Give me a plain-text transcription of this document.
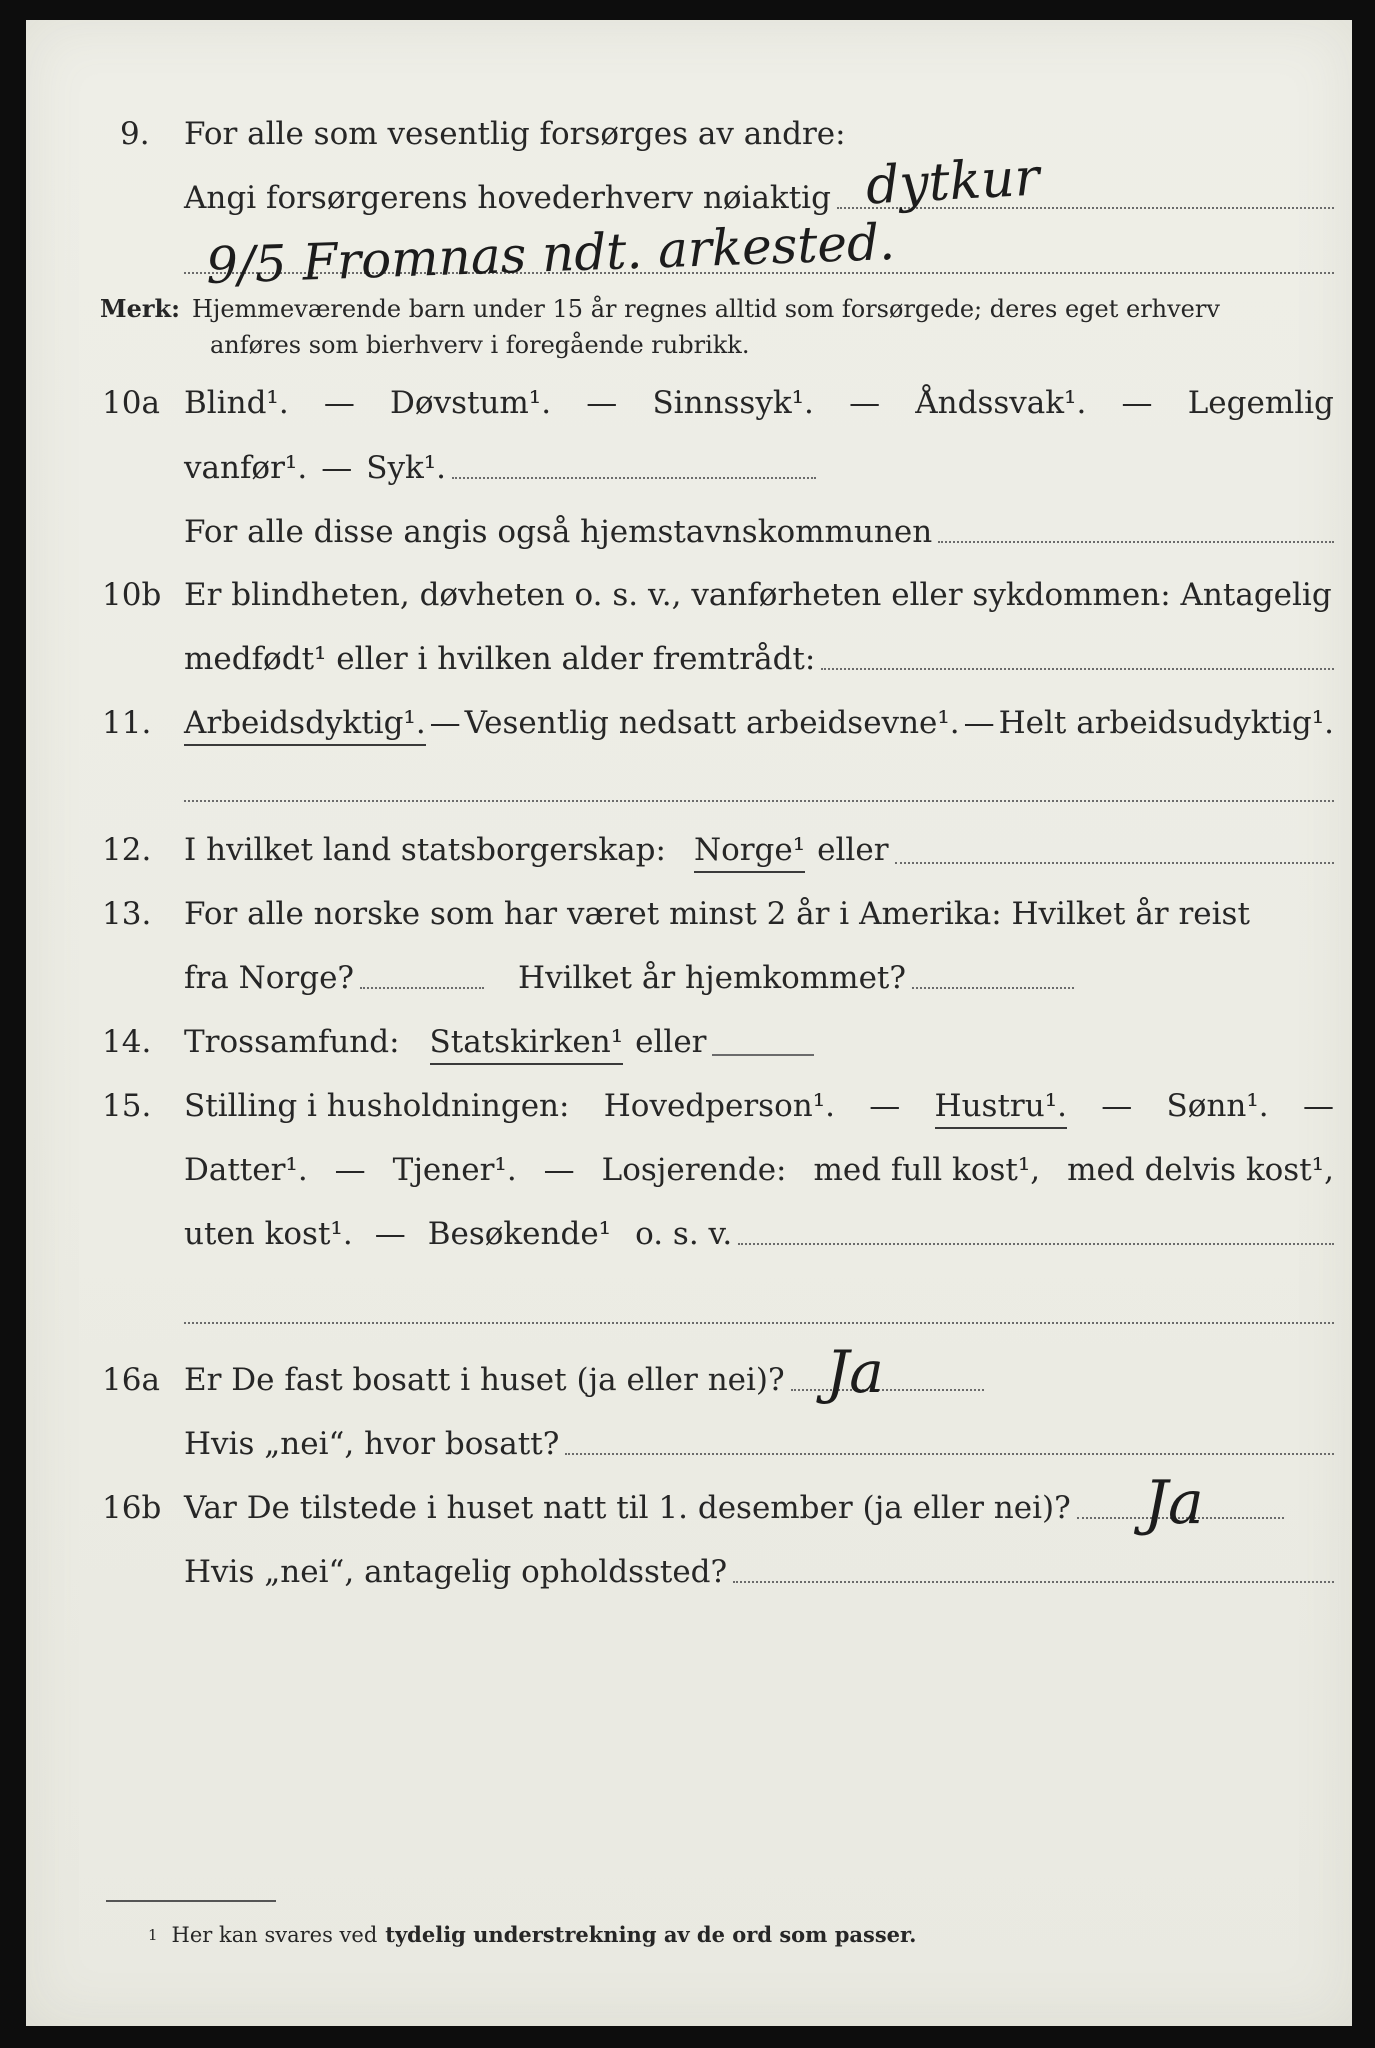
9. For alle som vesentlig forsørges av andre:
Angi forsørgerens hovederhverv nøiaktig dytkur
9/5 Fromnas ndt. arkested.
Merk: Hjemmeværende barn under 15 år regnes alltid som forsørgede; deres eget erhverv
anføres som bierhverv i foregående rubrikk.
10a Blind¹. — Døvstum¹. — Sinnssyk¹. — Åndssvak¹. — Legemlig
vanfør¹. — Syk¹.
For alle disse angis også hjemstavnskommunen
10b Er blindheten, døvheten o. s. v., vanførheten eller sykdommen: Antagelig
medfødt¹ eller i hvilken alder fremtrådt:
11. Arbeidsdyktig¹. — Vesentlig nedsatt arbeidsevne¹. — Helt arbeidsudyktig¹.
12. I hvilket land statsborgerskap: Norge¹ eller
13. For alle norske som har været minst 2 år i Amerika: Hvilket år reist
fra Norge?	Hvilket år hjemkommet?
14. Trossamfund: Statskirken¹ eller
15. Stilling i husholdningen: Hovedperson¹. — Hustru¹. — Sønn¹. —
Datter¹. — Tjener¹. — Losjerende: med full kost¹, med delvis kost¹,
uten kost¹. — Besøkende¹ o. s. v.
16a Er De fast bosatt i huset (ja eller nei)? Ja
Hvis „nei“, hvor bosatt?
16b Var De tilstede i huset natt til 1. desember (ja eller nei)? Ja
Hvis „nei“, antagelig opholdssted?
1 Her kan svares ved tydelig understrekning av de ord som passer.
